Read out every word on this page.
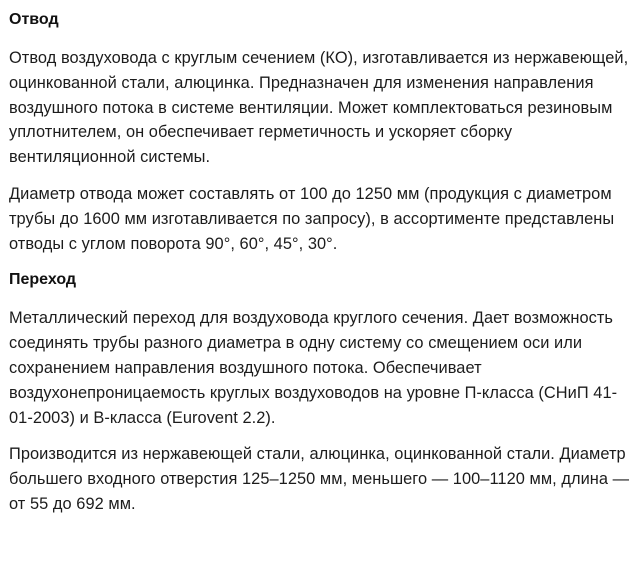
Отвод

Отвод воздуховода с круглым сечением (КО), изготавливается из нержавеющей, оцинкованной стали, алюцинка. Предназначен для изменения направления воздушного потока в системе вентиляции. Может комплектоваться резиновым уплотнителем, он обеспечивает герметичность и ускоряет сборку вентиляционной системы.

Диаметр отвода может составлять от 100 до 1250 мм (продукция с диаметром трубы до 1600 мм изготавливается по запросу), в ассортименте представлены отводы с углом поворота 90°, 60°, 45°, 30°.

Переход

Металлический переход для воздуховода круглого сечения. Дает возможность соединять трубы разного диаметра в одну систему со смещением оси или сохранением направления воздушного потока. Обеспечивает воздухонепроницаемость круглых воздуховодов на уровне П-класса (СНиП 41-01-2003) и В-класса (Eurovent 2.2).

Производится из нержавеющей стали, алюцинка, оцинкованной стали. Диаметр большего входного отверстия 125–1250 мм, меньшего — 100–1120 мм, длина — от 55 до 692 мм.
